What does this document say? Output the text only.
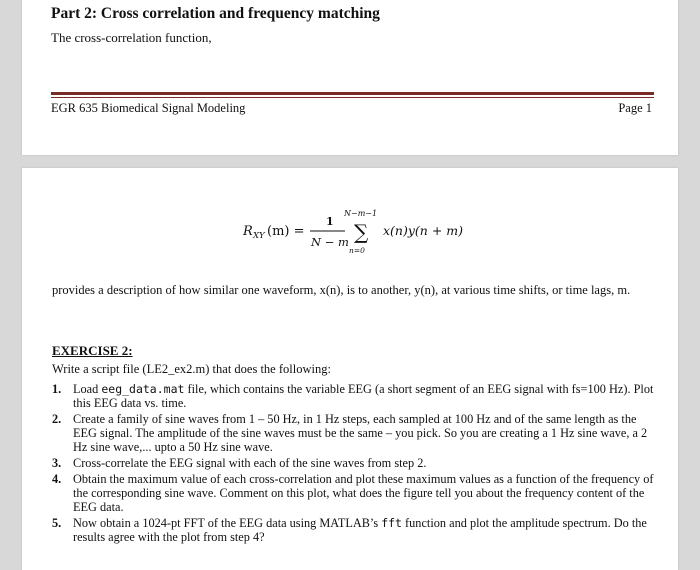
Part 2: Cross correlation and frequency matching
The cross-correlation function,
EGR 635 Biomedical Signal Modeling	Page 1
R XY (m) =
1
N − m
N−m−1
∑
n=0
x(n)y(n + m)
provides a description of how similar one waveform, x(n), is to another, y(n), at various time shifts, or time lags, m.
EXERCISE 2:
Write a script file (LE2_ex2.m) that does the following:
1. Load eeg_data.mat file, which contains the variable EEG (a short segment of an EEG signal with fs=100 Hz). Plot this EEG data vs. time.
2. Create a family of sine waves from 1 – 50 Hz, in 1 Hz steps, each sampled at 100 Hz and of the same length as the EEG signal. The amplitude of the sine waves must be the same – you pick. So you are creating a 1 Hz sine wave, a 2 Hz sine wave,... upto a 50 Hz sine wave.
3. Cross-correlate the EEG signal with each of the sine waves from step 2.
4. Obtain the maximum value of each cross-correlation and plot these maximum values as a function of the frequency of the corresponding sine wave. Comment on this plot, what does the figure tell you about the frequency content of the EEG data.
5. Now obtain a 1024-pt FFT of the EEG data using MATLAB’s fft function and plot the amplitude spectrum. Do the results agree with the plot from step 4?
